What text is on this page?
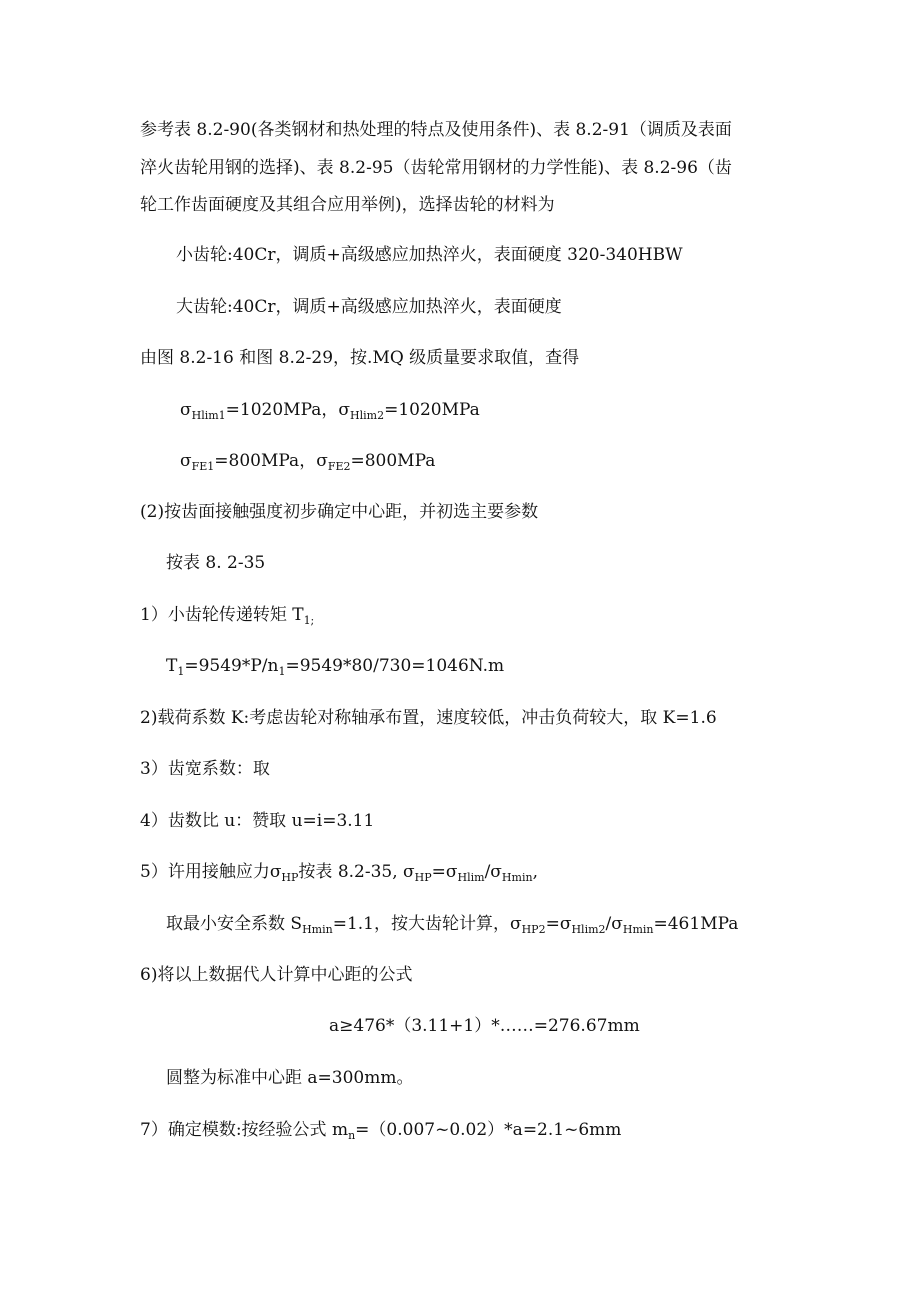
参考表 8.2-90(各类钢材和热处理的特点及使用条件)、表 8.2-91（调质及表面
淬火齿轮用钢的选择)、表 8.2-95（齿轮常用钢材的力学性能)、表 8.2-96（齿
轮工作齿面硬度及其组合应用举例)，选择齿轮的材料为
小齿轮:40Cr，调质+高级感应加热淬火，表面硬度 320-340HBW
大齿轮:40Cr，调质+高级感应加热淬火，表面硬度
由图 8.2-16 和图 8.2-29，按.MQ 级质量要求取值，查得
$\sigma_{Hlim1}=1020MPa$，$\sigma_{Hlim2}=1020MPa$
$\sigma_{FE1}=800MPa$，$\sigma_{FE2}=800MPa$
(2)按齿面接触强度初步确定中心距，并初选主要参数
按表 8. 2-35
1）小齿轮传递转矩 $T_{1;}$
$T_1=9549*P/n_1=9549*80/730=1046N.m$
2)载荷系数 K:考虑齿轮对称轴承布置，速度较低，冲击负荷较大，取 K=1.6
3）齿宽系数：取
4）齿数比 u：赞取 u=i=3.11
5）许用接触应力$\sigma_{HP}$按表 8.2-35, $\sigma_{HP}=\sigma_{Hlim}/\sigma_{Hmin}$,
取最小安全系数 $S_{Hmin}=1.1$，按大齿轮计算，$\sigma_{HP2}=\sigma_{Hlim2}/\sigma_{Hmin}=461MPa$
6)将以上数据代人计算中心距的公式
a≥476*（3.11+1）*……=276.67mm
圆整为标准中心距 a=300mm。
7）确定模数:按经验公式 $m_n=(0.007\sim 0.02)*a=2.1\sim 6mm$
